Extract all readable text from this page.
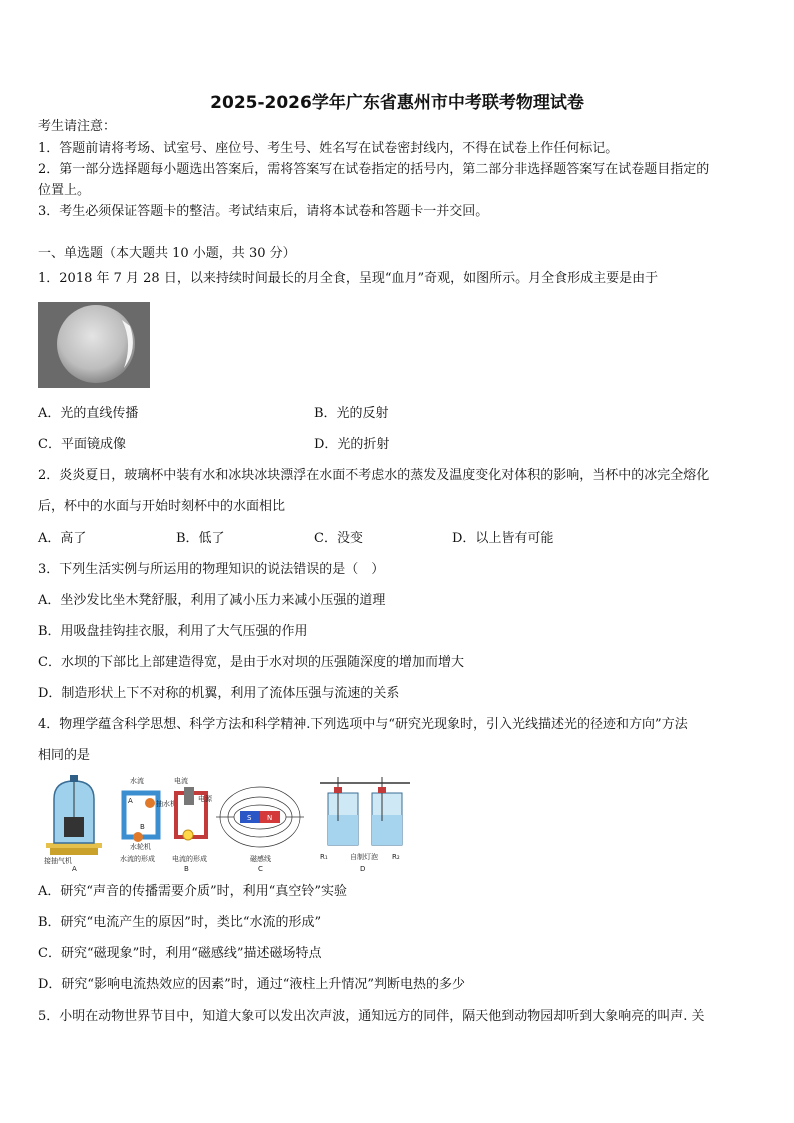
2025-2026学年广东省惠州市中考联考物理试卷
考生请注意：
1．答题前请将考场、试室号、座位号、考生号、姓名写在试卷密封线内，不得在试卷上作任何标记。
2．第一部分选择题每小题选出答案后，需将答案写在试卷指定的括号内，第二部分非选择题答案写在试卷题目指定的
位置上。
3．考生必须保证答题卡的整洁。考试结束后，请将本试卷和答题卡一并交回。
一、单选题（本大题共 10 小题，共 30 分）
1．2018 年 7 月 28 日，以来持续时间最长的月全食，呈现“血月”奇观，如图所示。月全食形成主要是由于
A．光的直线传播	B．光的反射
C．平面镜成像	D．光的折射
2．炎炎夏日，玻璃杯中装有水和冰块冰块漂浮在水面不考虑水的蒸发及温度变化对体积的影响，当杯中的冰完全熔化
后，杯中的水面与开始时刻杯中的水面相比
A．高了	B．低了	C．没变	D．以上皆有可能
3．下列生活实例与所运用的物理知识的说法错误的是（　）
A．坐沙发比坐木凳舒服，利用了减小压力来减小压强的道理
B．用吸盘挂钩挂衣服，利用了大气压强的作用
C．水坝的下部比上部建造得宽，是由于水对坝的压强随深度的增加而增大
D．制造形状上下不对称的机翼，利用了流体压强与流速的关系
4．物理学蕴含科学思想、科学方法和科学精神.下列选项中与“研究光现象时，引入光线描述光的径迹和方向”方法
相同的是
接抽气机
A
水流
A	抽水机
B
水轮机
水流的形成
电流
电源
电流的形成
B
S N
磁感线
C
R₁	自制灯泡 R₂
D
A．研究“声音的传播需要介质”时，利用“真空铃”实验
B．研究“电流产生的原因”时，类比“水流的形成”
C．研究“磁现象”时，利用“磁感线”描述磁场特点
D．研究“影响电流热效应的因素”时，通过“液柱上升情况”判断电热的多少
5．小明在动物世界节目中，知道大象可以发出次声波，通知远方的同伴，隔天他到动物园却听到大象响亮的叫声. 关
